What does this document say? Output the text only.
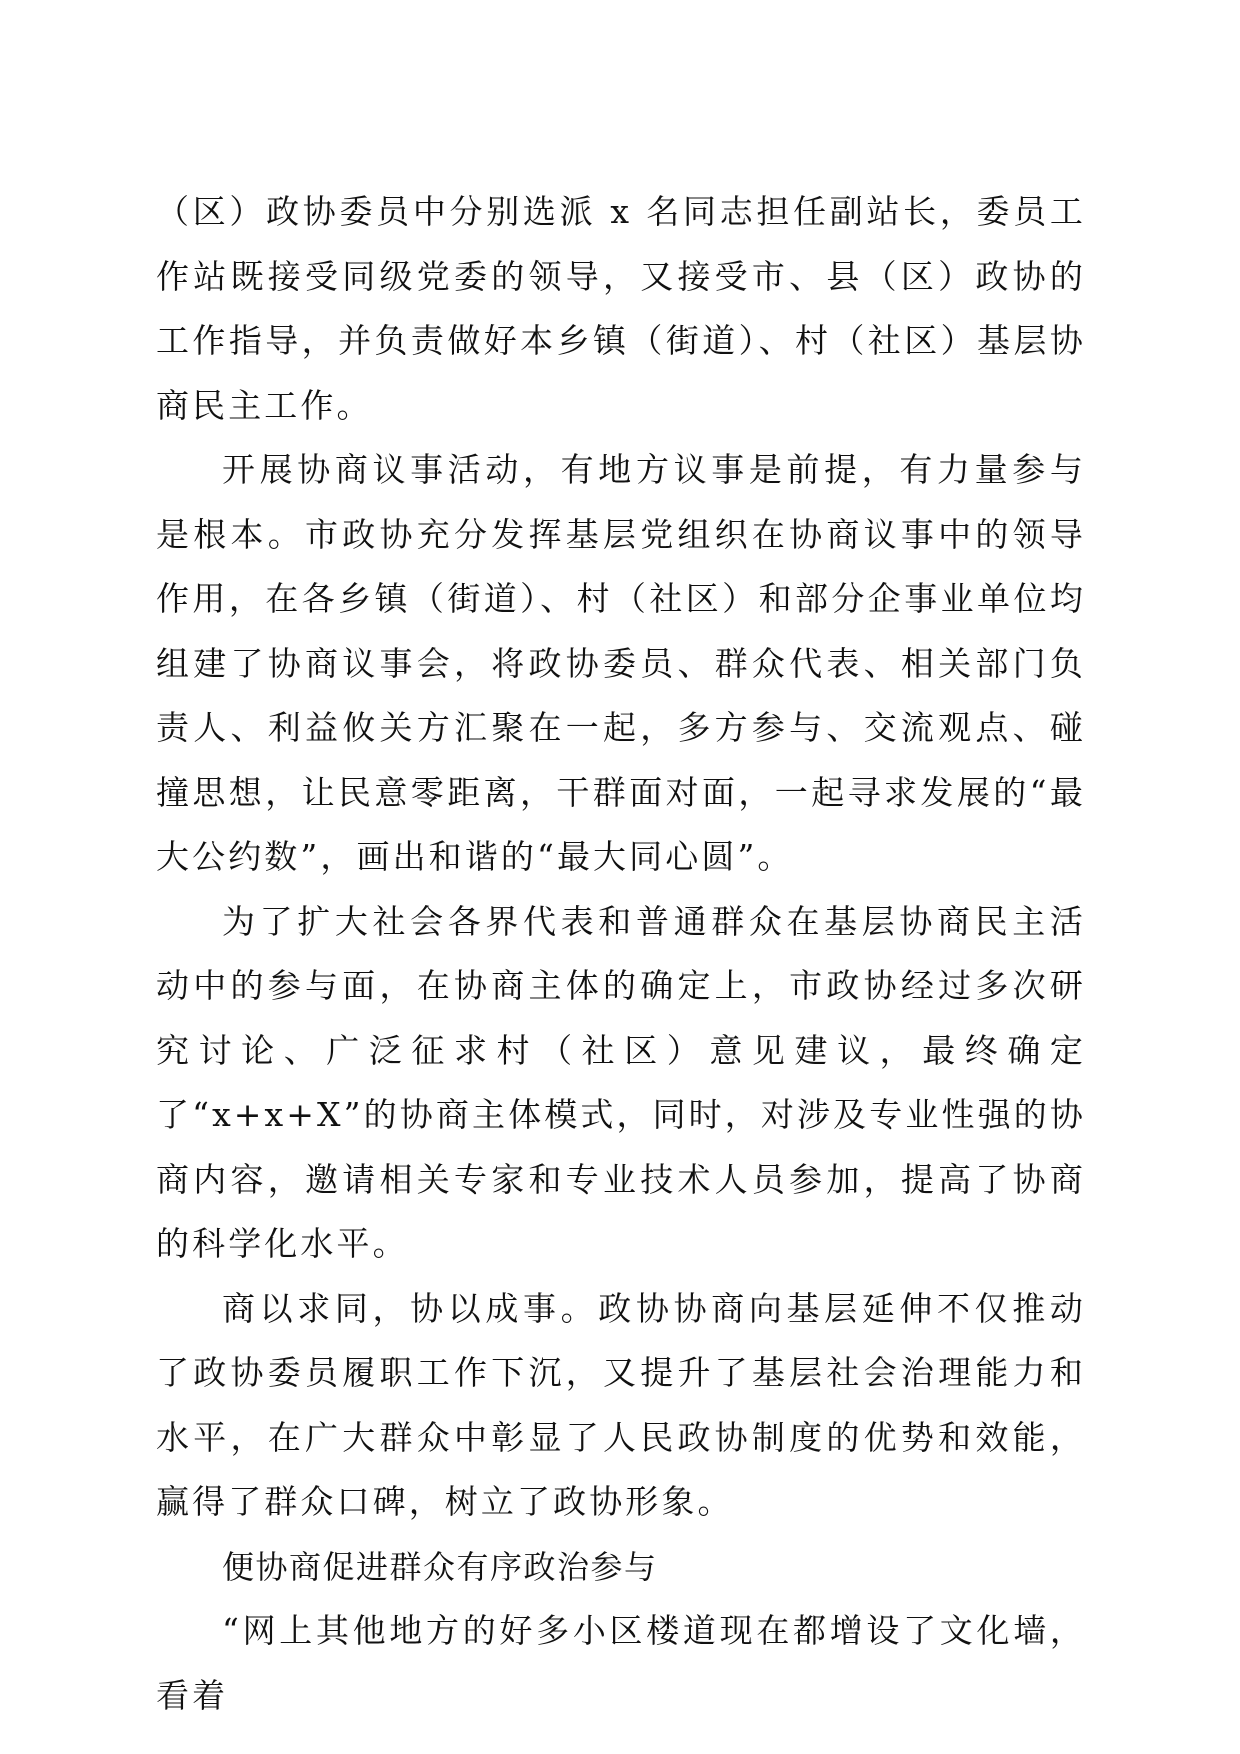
（区）政协委员中分别选派 x 名同志担任副站长，委员工作站既接受同级党委的领导，又接受市、县（区）政协的工作指导，并负责做好本乡镇（街道）、村（社区）基层协商民主工作。

开展协商议事活动，有地方议事是前提，有力量参与是根本。市政协充分发挥基层党组织在协商议事中的领导作用，在各乡镇（街道）、村（社区）和部分企事业单位均组建了协商议事会，将政协委员、群众代表、相关部门负责人、利益攸关方汇聚在一起，多方参与、交流观点、碰撞思想，让民意零距离，干群面对面，一起寻求发展的“最大公约数”，画出和谐的“最大同心圆”。

为了扩大社会各界代表和普通群众在基层协商民主活动中的参与面，在协商主体的确定上，市政协经过多次研究讨论、广泛征求村（社区）意见建议，最终确定了“x+x+X”的协商主体模式，同时，对涉及专业性强的协商内容，邀请相关专家和专业技术人员参加，提高了协商的科学化水平。

商以求同，协以成事。政协协商向基层延伸不仅推动了政协委员履职工作下沉，又提升了基层社会治理能力和水平，在广大群众中彰显了人民政协制度的优势和效能，赢得了群众口碑，树立了政协形象。

便协商促进群众有序政治参与

“网上其他地方的好多小区楼道现在都增设了文化墙，看着
